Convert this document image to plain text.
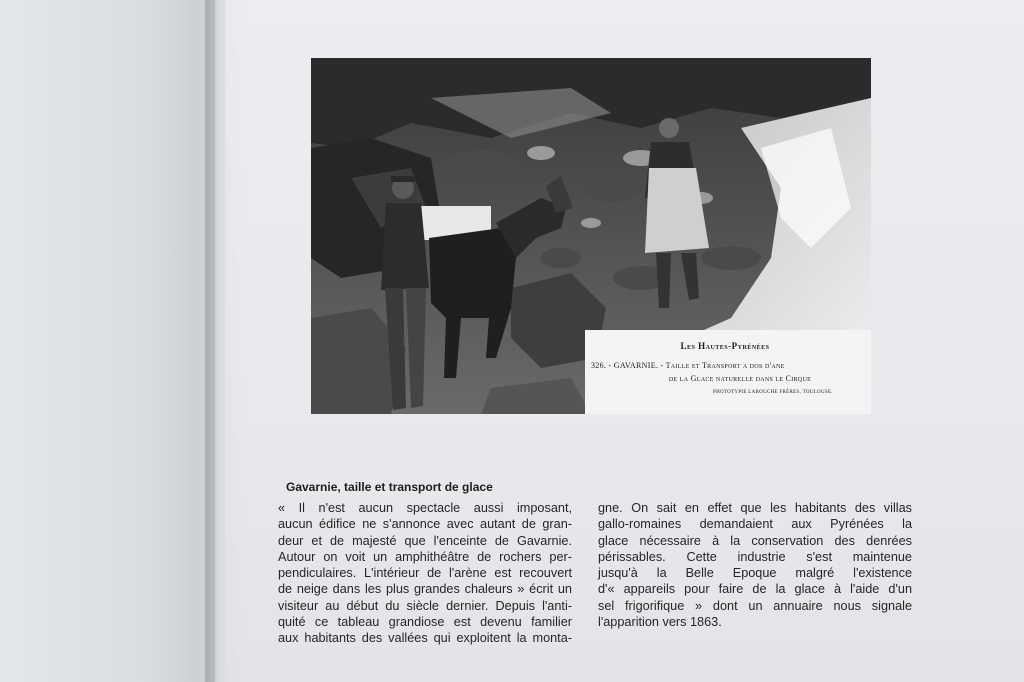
Les Hautes-Pyrénées
326. - GAVARNIE. - Taille et Transport a dos d'ane
de la Glace naturelle dans le Cirque
PHOTOTYPIE LABOUCHE FRÈRES, TOULOUSE.
Gavarnie, taille et transport de glace
« Il n'est aucun spectacle aussi imposant,
aucun édifice ne s'annonce avec autant de gran-
deur et de majesté que l'enceinte de Gavarnie.
Autour on voit un amphithéâtre de rochers per-
pendiculaires. L'intérieur de l'arène est recouvert
de neige dans les plus grandes chaleurs » écrit un
visiteur au début du siècle dernier. Depuis l'anti-
quité ce tableau grandiose est devenu familier
aux habitants des vallées qui exploitent la monta-
gne. On sait en effet que les habitants des villas
gallo-romaines demandaient aux Pyrénées la
glace nécessaire à la conservation des denrées
périssables. Cette industrie s'est maintenue
jusqu'à la Belle Epoque malgré l'existence
d'« appareils pour faire de la glace à l'aide d'un
sel frigorifique » dont un annuaire nous signale
l'apparition vers 1863.
